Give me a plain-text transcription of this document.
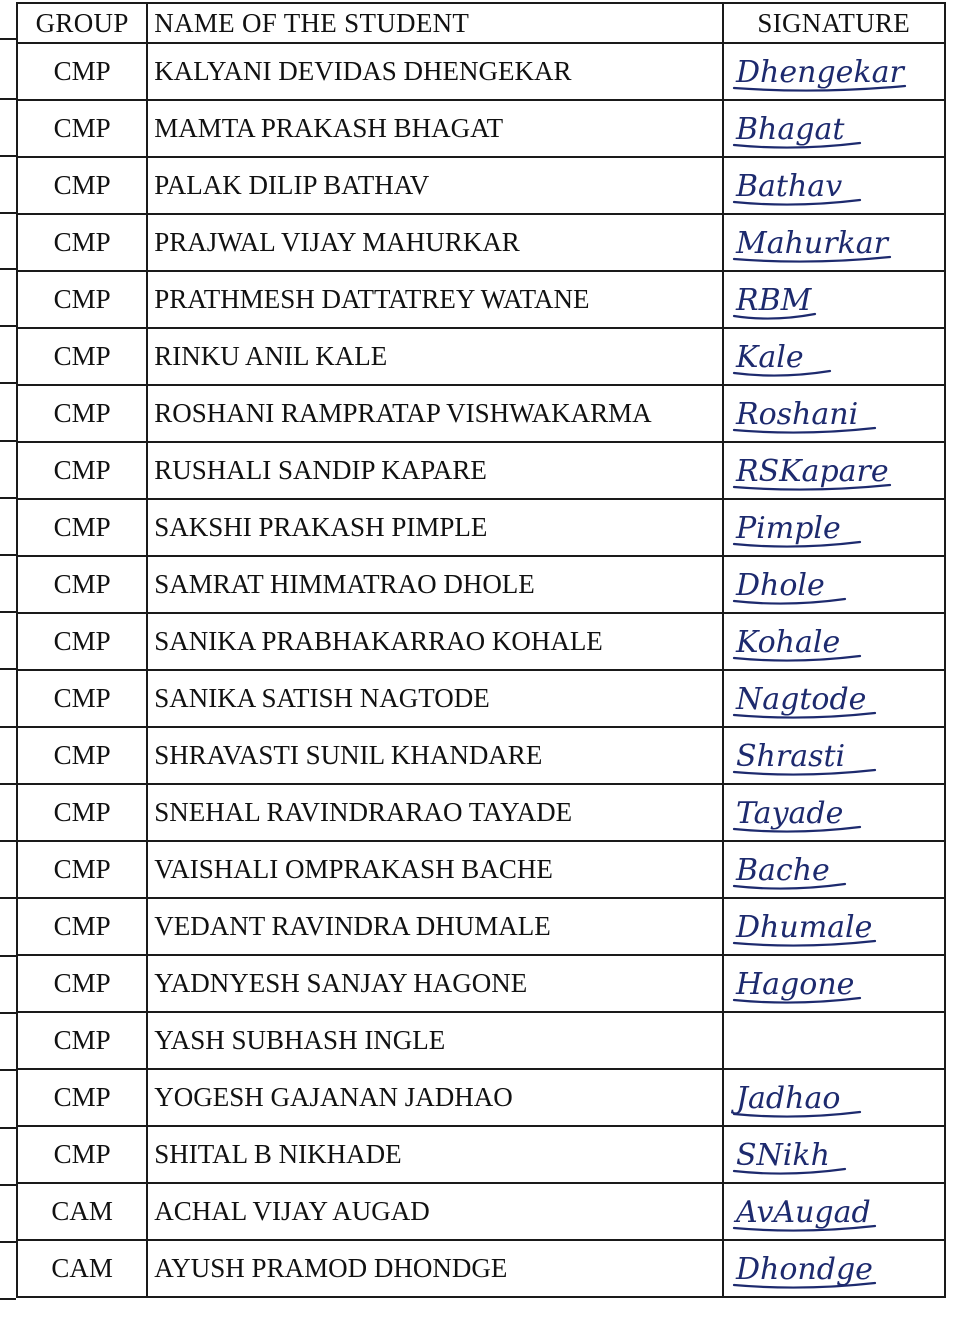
GROUP	NAME OF THE STUDENT	SIGNATURE
CMP	KALYANI DEVIDAS DHENGEKAR	Dhengekar

CMP	MAMTA PRAKASH BHAGAT	Bhagat

CMP	PALAK DILIP BATHAV	Bathav

CMP	PRAJWAL VIJAY MAHURKAR	Mahurkar

CMP	PRATHMESH DATTATREY WATANE	RBM

CMP	RINKU ANIL KALE	Kale

CMP	ROSHANI RAMPRATAP VISHWAKARMA	Roshani

CMP	RUSHALI SANDIP KAPARE	RSKapare

CMP	SAKSHI PRAKASH PIMPLE	Pimple

CMP	SAMRAT HIMMATRAO DHOLE	Dhole

CMP	SANIKA PRABHAKARRAO KOHALE	Kohale

CMP	SANIKA SATISH NAGTODE	Nagtode

CMP	SHRAVASTI SUNIL KHANDARE	Shrasti

CMP	SNEHAL RAVINDRARAO TAYADE	Tayade

CMP	VAISHALI OMPRAKASH BACHE	Bache

CMP	VEDANT RAVINDRA DHUMALE	Dhumale

CMP	YADNYESH SANJAY HAGONE	Hagone

CMP	YASH SUBHASH INGLE	
CMP	YOGESH GAJANAN JADHAO	Jadhao

CMP	SHITAL B NIKHADE	SNikh

CAM	ACHAL VIJAY AUGAD	AvAugad

CAM	AYUSH PRAMOD DHONDGE	Dhondge
